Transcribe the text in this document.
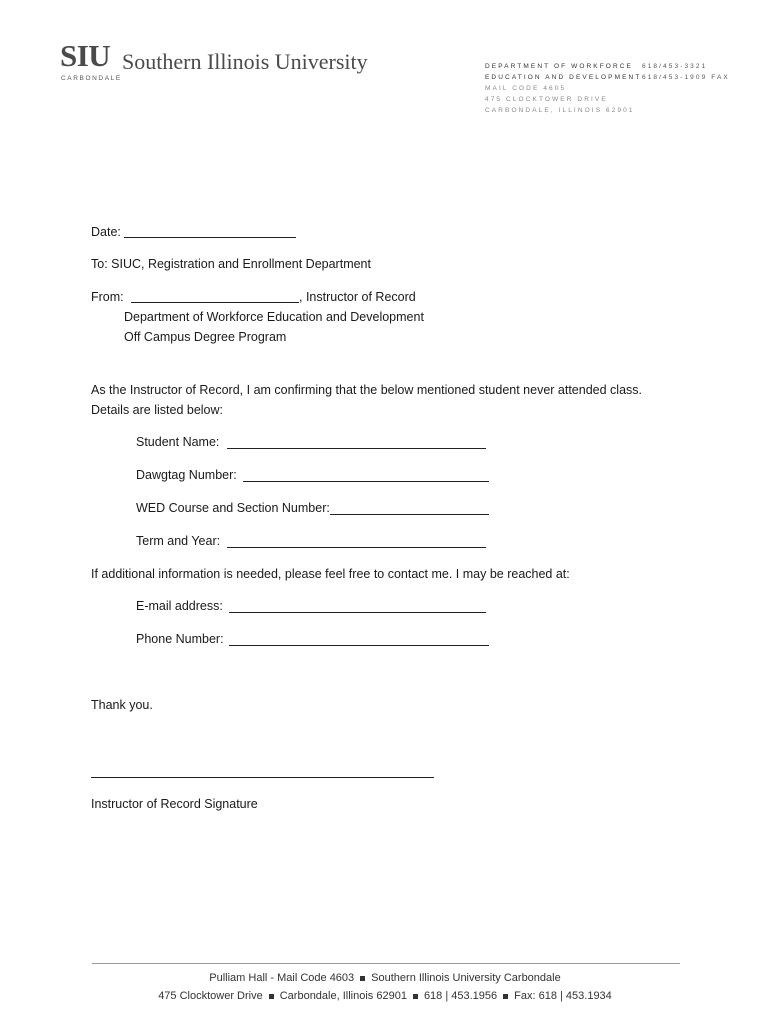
SIU Southern Illinois University
CARBONDALE
DEPARTMENT OF WORKFORCE
EDUCATION AND DEVELOPMENT
MAIL CODE 4605
475 CLOCKTOWER DRIVE
CARBONDALE, ILLINOIS 62901
618/453-3321
618/453-1909 FAX
Date:
To: SIUC, Registration and Enrollment Department
From:	, Instructor of Record
Department of Workforce Education and Development
Off Campus Degree Program
As the Instructor of Record, I am confirming that the below mentioned student never attended class.
Details are listed below:
Student Name:
Dawgtag Number:
WED Course and Section Number:
Term and Year:
If additional information is needed, please feel free to contact me. I may be reached at:
E-mail address:
Phone Number:
Thank you.
Instructor of Record Signature
Pulliam Hall - Mail Code 4603 Southern Illinois University Carbondale
475 Clocktower Drive Carbondale, Illinois 62901 618 | 453.1956 Fax: 618 | 453.1934
